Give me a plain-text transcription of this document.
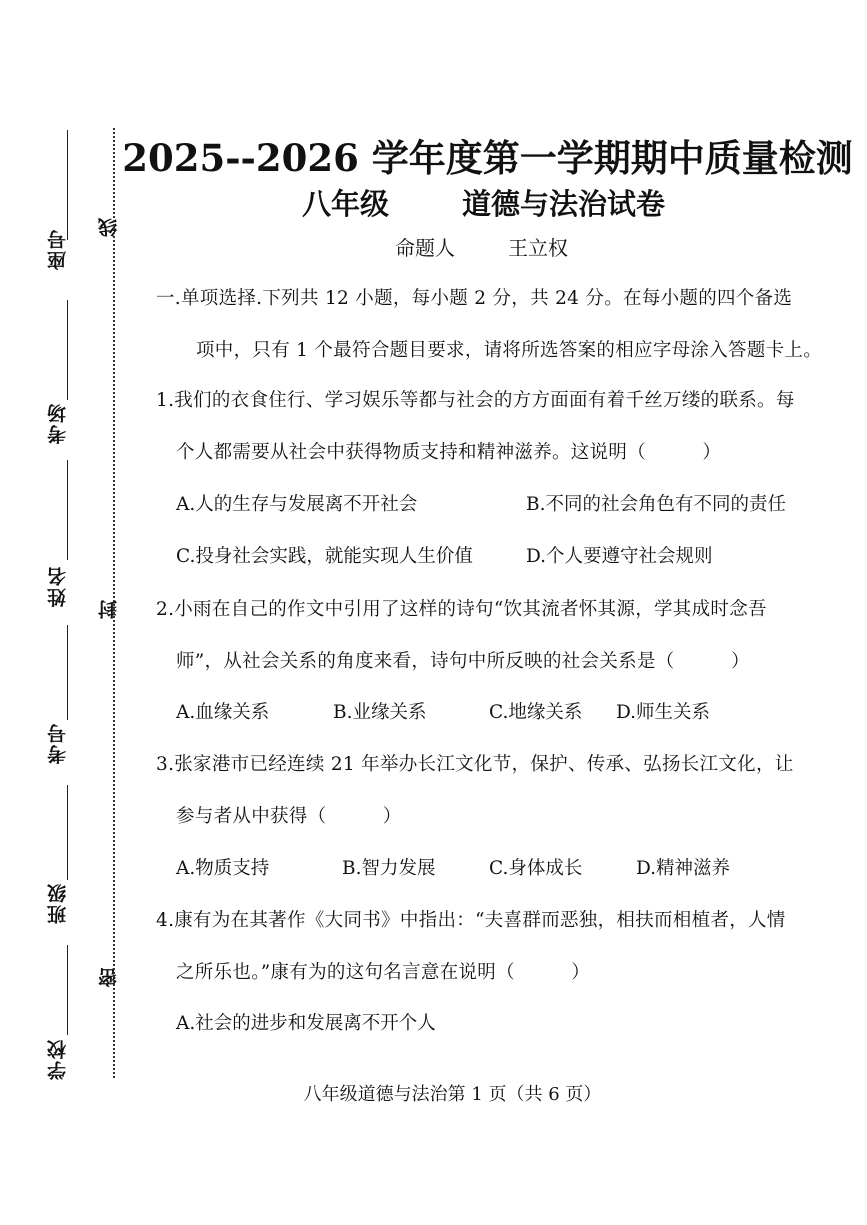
座号
考场
姓名
考号
班级
学校
线
封
密
2025--2026 学年度第一学期期中质量检测
八年级	道德与法治试卷
命题人	王立权
一.单项选择.下列共 12 小题，每小题 2 分，共 24 分。在每小题的四个备选
项中，只有 1 个最符合题目要求，请将所选答案的相应字母涂入答题卡上。
1.我们的衣食住行、学习娱乐等都与社会的方方面面有着千丝万缕的联系。每
个人都需要从社会中获得物质支持和精神滋养。这说明（　　　）
A.人的生存与发展离不开社会	B.不同的社会角色有不同的责任
C.投身社会实践，就能实现人生价值	D.个人要遵守社会规则
2.小雨在自己的作文中引用了这样的诗句“饮其流者怀其源，学其成时念吾
师”，从社会关系的角度来看，诗句中所反映的社会关系是（　　　）
A.血缘关系	B.业缘关系	C.地缘关系 D.师生关系
3.张家港市已经连续 21 年举办长江文化节，保护、传承、弘扬长江文化，让
参与者从中获得（　　　）
A.物质支持	B.智力发展	C.身体成长	D.精神滋养
4.康有为在其著作《大同书》中指出：“夫喜群而恶独，相扶而相植者，人情
之所乐也。”康有为的这句名言意在说明（　　　）
A.社会的进步和发展离不开个人
八年级道德与法治第 1 页（共 6 页）
